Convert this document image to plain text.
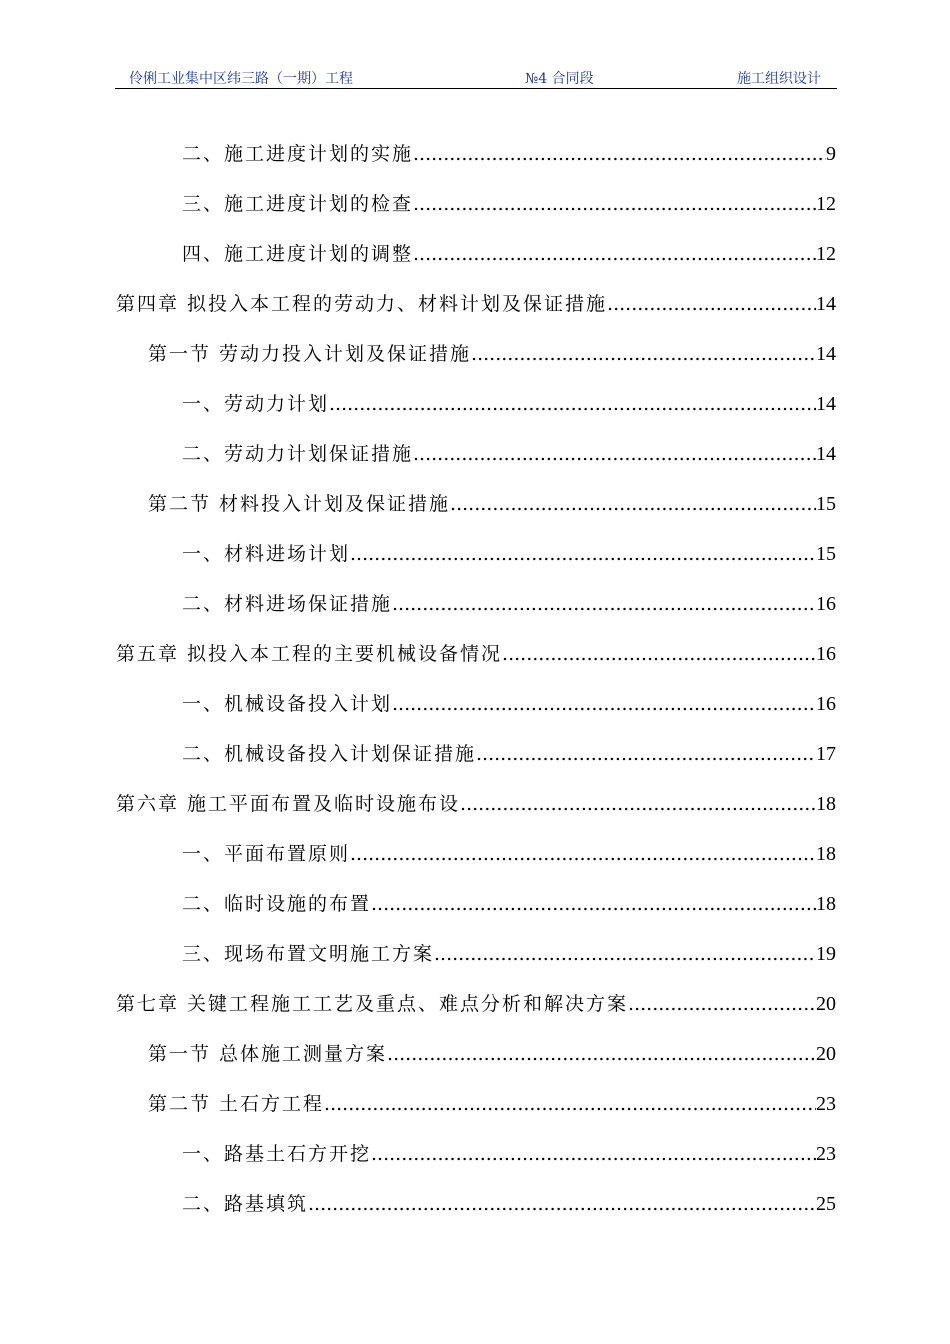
伶俐工业集中区纬三路（一期）工程	№4 合同段	施工组织设计
二、施工进度计划的实施 .....	9
三、施工进度计划的检查 .....	12
四、施工进度计划的调整 .....	12
第四章 拟投入本工程的劳动力、材料计划及保证措施 .....	14
第一节 劳动力投入计划及保证措施 .....	14
一、劳动力计划 .....	14
二、劳动力计划保证措施 .....	14
第二节 材料投入计划及保证措施 .....	15
一、材料进场计划 .....	15
二、材料进场保证措施 .....	16
第五章 拟投入本工程的主要机械设备情况 .....	16
一、机械设备投入计划 .....	16
二、机械设备投入计划保证措施 .....	17
第六章 施工平面布置及临时设施布设 .....	18
一、平面布置原则 .....	18
二、临时设施的布置 .....	18
三、现场布置文明施工方案 .....	19
第七章 关键工程施工工艺及重点、难点分析和解决方案 .....	20
第一节 总体施工测量方案 .....	20
第二节 土石方工程 .....	23
一、路基土石方开挖 .....	23
二、路基填筑 .....	25
